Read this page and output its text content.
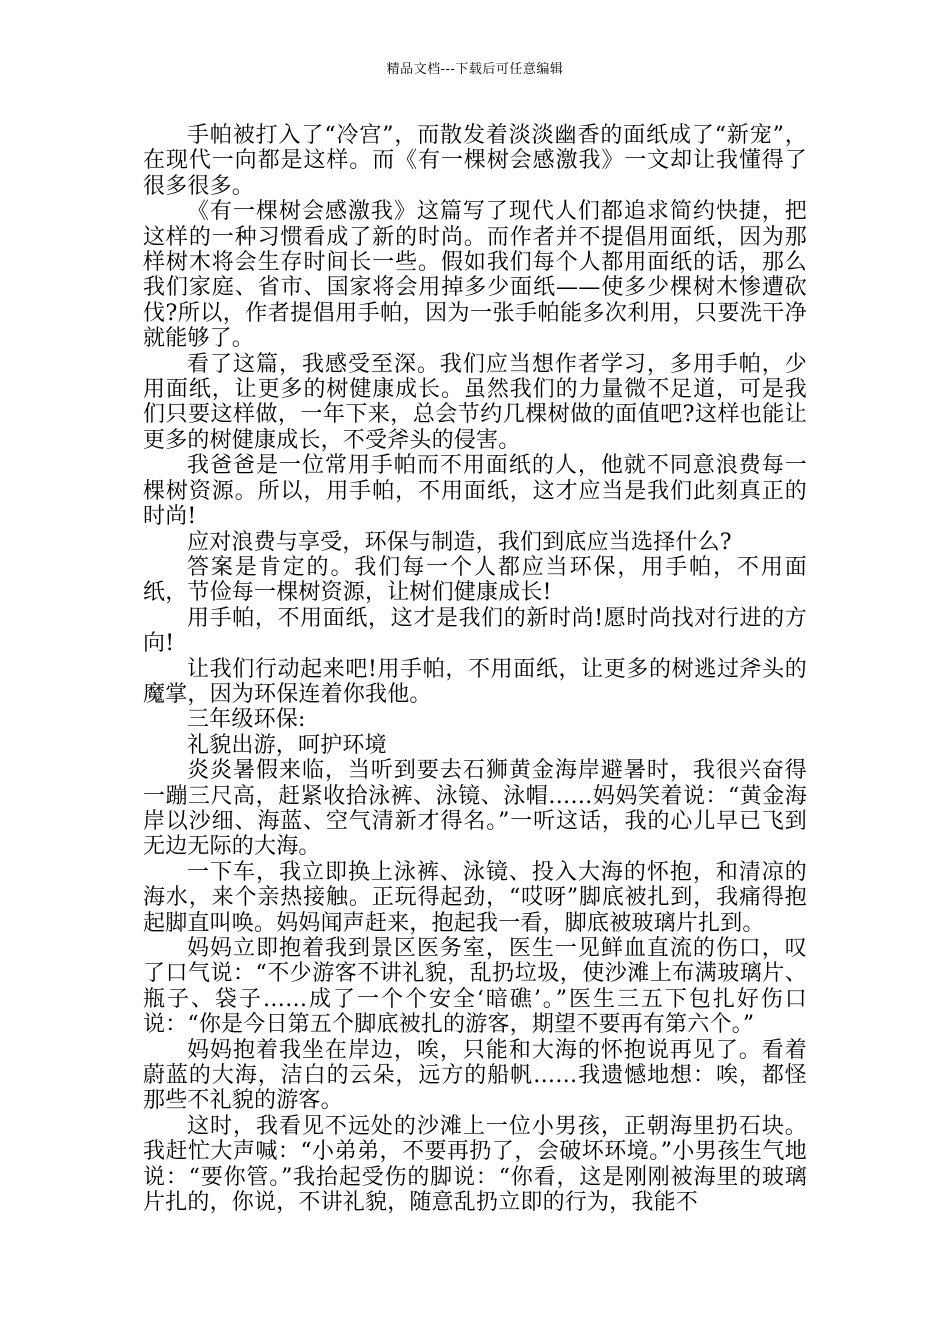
精品文档---下载后可任意编辑

手帕被打入了“冷宫”，而散发着淡淡幽香的面纸成了“新宠”，在现代一向都是这样。而《有一棵树会感激我》一文却让我懂得了很多很多。

《有一棵树会感激我》这篇写了现代人们都追求简约快捷，把这样的一种习惯看成了新的时尚。而作者并不提倡用面纸，因为那样树木将会生存时间长一些。假如我们每个人都用面纸的话，那么我们家庭、省市、国家将会用掉多少面纸——使多少棵树木惨遭砍伐?所以，作者提倡用手帕，因为一张手帕能多次利用，只要洗干净就能够了。

看了这篇，我感受至深。我们应当想作者学习，多用手帕，少用面纸，让更多的树健康成长。虽然我们的力量微不足道，可是我们只要这样做，一年下来，总会节约几棵树做的面值吧?这样也能让更多的树健康成长，不受斧头的侵害。

我爸爸是一位常用手帕而不用面纸的人，他就不同意浪费每一棵树资源。所以，用手帕，不用面纸，这才应当是我们此刻真正的时尚!

应对浪费与享受，环保与制造，我们到底应当选择什么?

答案是肯定的。我们每一个人都应当环保，用手帕，不用面纸，节俭每一棵树资源，让树们健康成长!

用手帕，不用面纸，这才是我们的新时尚!愿时尚找对行进的方向!

让我们行动起来吧!用手帕，不用面纸，让更多的树逃过斧头的魔掌，因为环保连着你我他。

三年级环保:

礼貌出游，呵护环境

炎炎暑假来临，当听到要去石狮黄金海岸避暑时，我很兴奋得一蹦三尺高，赶紧收拾泳裤、泳镜、泳帽……妈妈笑着说：“黄金海岸以沙细、海蓝、空气清新才得名。”一听这话，我的心儿早已飞到无边无际的大海。

一下车，我立即换上泳裤、泳镜、投入大海的怀抱，和清凉的海水，来个亲热接触。正玩得起劲，“哎呀”脚底被扎到，我痛得抱起脚直叫唤。妈妈闻声赶来，抱起我一看，脚底被玻璃片扎到。

妈妈立即抱着我到景区医务室，医生一见鲜血直流的伤口，叹了口气说：“不少游客不讲礼貌，乱扔垃圾，使沙滩上布满玻璃片、瓶子、袋子……成了一个个安全‘暗礁’。”医生三五下包扎好伤口说：“你是今日第五个脚底被扎的游客，期望不要再有第六个。”

妈妈抱着我坐在岸边，唉，只能和大海的怀抱说再见了。看着蔚蓝的大海，洁白的云朵，远方的船帆……我遗憾地想：唉，都怪那些不礼貌的游客。

这时，我看见不远处的沙滩上一位小男孩，正朝海里扔石块。我赶忙大声喊：“小弟弟，不要再扔了，会破坏环境。”小男孩生气地说：“要你管。”我抬起受伤的脚说：“你看，这是刚刚被海里的玻璃片扎的，你说，不讲礼貌，随意乱扔立即的行为，我能不
